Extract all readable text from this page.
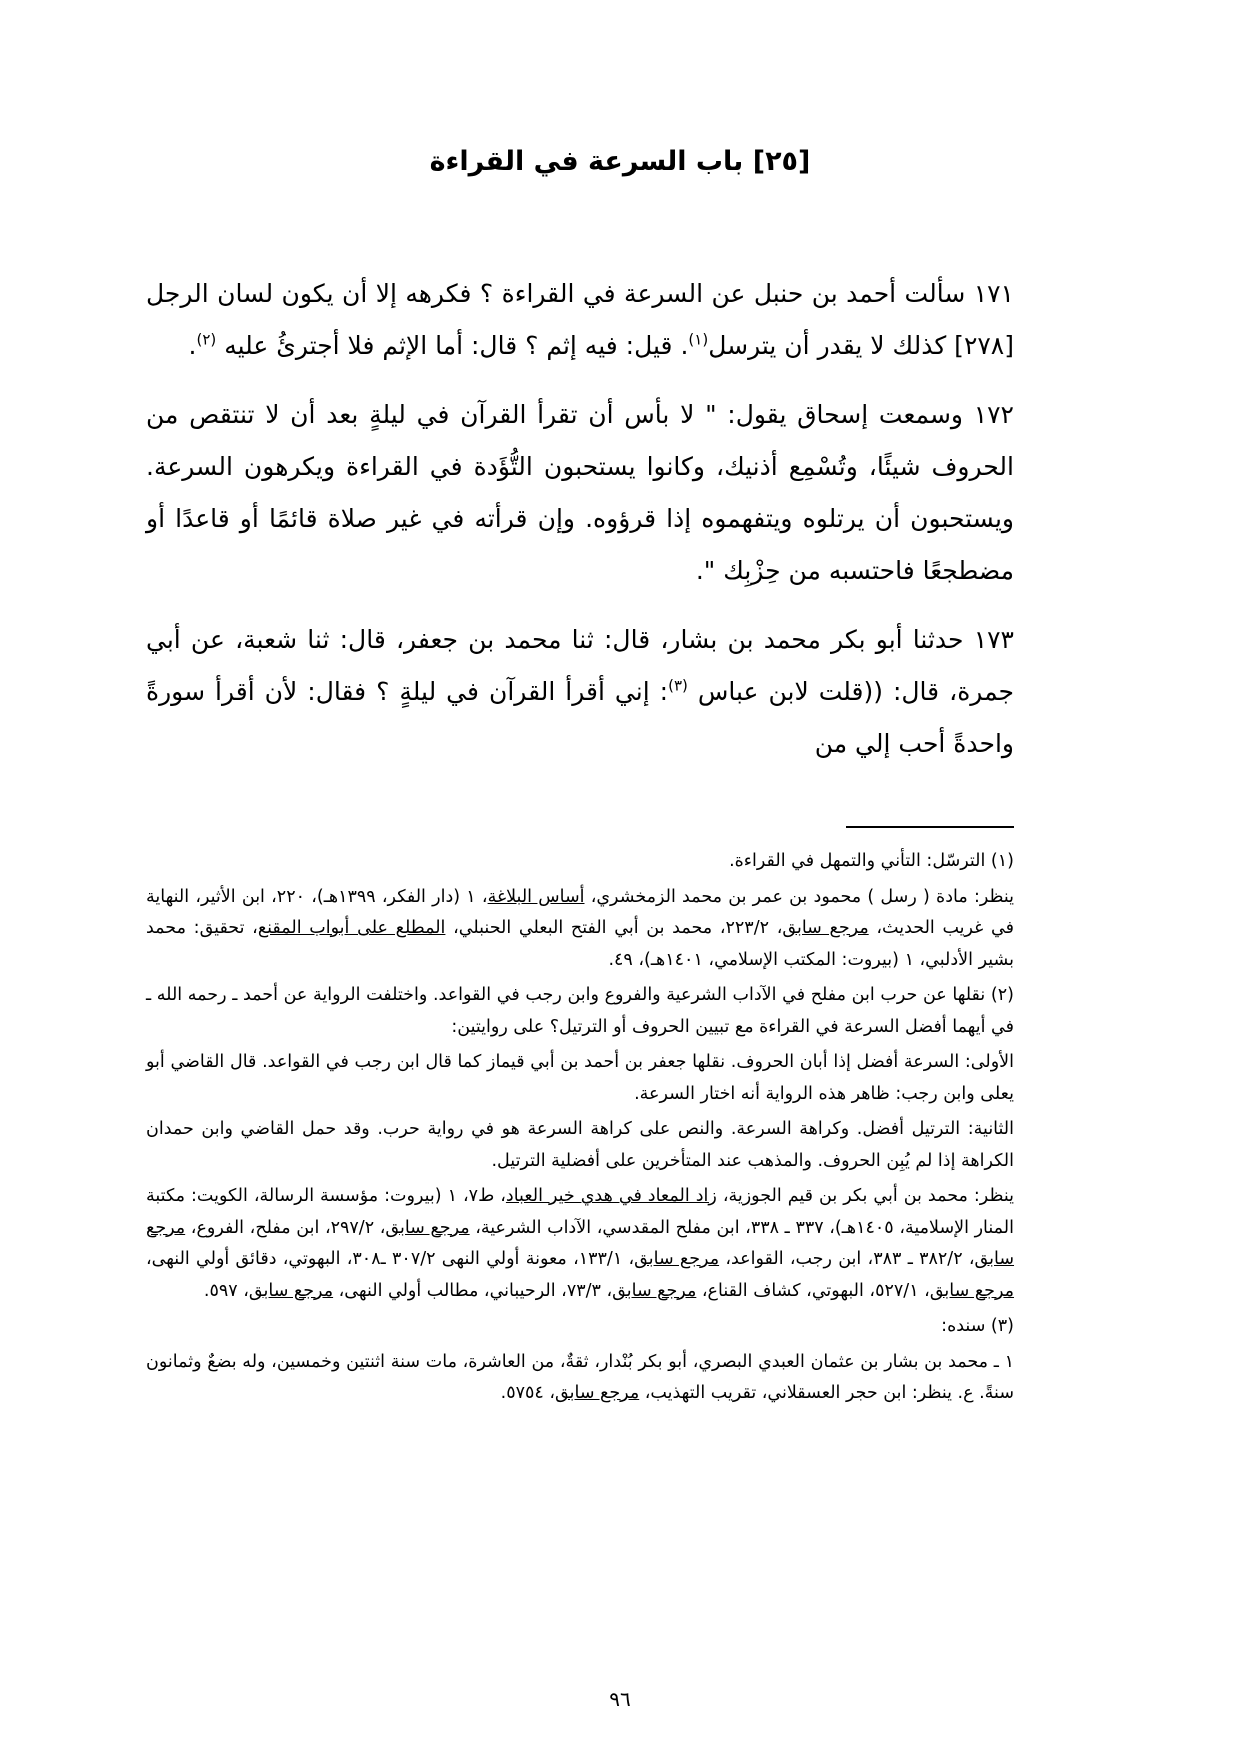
[٢٥] باب السرعة في القراءة

١٧١ سألت أحمد بن حنبل عن السرعة في القراءة ؟ فكرهه إلا أن يكون لسان الرجل [٢٧٨] كذلك لا يقدر أن يترسل$^{(١)}$. قيل: فيه إثم ؟ قال: أما الإثم فلا أجترئُ عليه $^{(٢)}$.

١٧٢ وسمعت إسحاق يقول: " لا بأس أن تقرأ القرآن في ليلةٍ بعد أن لا تنتقص من الحروف شيئًا، وتُسْمِع أذنيك، وكانوا يستحبون التُّؤَدة في القراءة ويكرهون السرعة. ويستحبون أن يرتلوه ويتفهموه إذا قرؤوه. وإن قرأته في غير صلاة قائمًا أو قاعدًا أو مضطجعًا فاحتسبه من حِزْبِك ".

١٧٣ حدثنا أبو بكر محمد بن بشار، قال: ثنا محمد بن جعفر، قال: ثنا شعبة، عن أبي جمرة، قال: ((قلت لابن عباس $^{(٣)}$: إني أقرأ القرآن في ليلةٍ ؟ فقال: لأن أقرأ سورةً واحدةً أحب إلي من

(١) الترسّل: التأني والتمهل في القراءة.
ينظر: مادة ( رسل ) محمود بن عمر بن محمد الزمخشري، أساس البلاغة، ١ (دار الفكر، ١٣٩٩هـ)، ٢٢٠، ابن الأثير، النهاية في غريب الحديث، مرجع سابق، ٢٢٣/٢، محمد بن أبي الفتح البعلي الحنبلي، المطلع على أبواب المقنع، تحقيق: محمد بشير الأدلبي، ١ (بيروت: المكتب الإسلامي، ١٤٠١هـ)، ٤٩.
(٢) نقلها عن حرب ابن مفلح في الآداب الشرعية والفروع وابن رجب في القواعد. واختلفت الرواية عن أحمد ـ رحمه الله ـ في أيهما أفضل السرعة في القراءة مع تبيين الحروف أو الترتيل؟ على روايتين:
الأولى: السرعة أفضل إذا أبان الحروف. نقلها جعفر بن أحمد بن أبي قيماز كما قال ابن رجب في القواعد. قال القاضي أبو يعلى وابن رجب: ظاهر هذه الرواية أنه اختار السرعة.
الثانية: الترتيل أفضل. وكراهة السرعة. والنص على كراهة السرعة هو في رواية حرب. وقد حمل القاضي وابن حمدان الكراهة إذا لم يُبِن الحروف. والمذهب عند المتأخرين على أفضلية الترتيل.
ينظر: محمد بن أبي بكر بن قيم الجوزية، زاد المعاد في هدي خير العباد، ط٧، ١ (بيروت: مؤسسة الرسالة، الكويت: مكتبة المنار الإسلامية، ١٤٠٥هـ)، ٣٣٧ ـ ٣٣٨، ابن مفلح المقدسي، الآداب الشرعية، مرجع سابق، ٢٩٧/٢، ابن مفلح، الفروع، مرجع سابق، ٣٨٢/٢ ـ ٣٨٣، ابن رجب، القواعد، مرجع سابق، ١٣٣/١، معونة أولي النهى ٣٠٧/٢ ـ٣٠٨، البهوتي، دقائق أولي النهى، مرجع سابق، ٥٢٧/١، البهوتي، كشاف القناع، مرجع سابق، ٧٣/٣، الرحيباني، مطالب أولي النهى، مرجع سابق، ٥٩٧.
(٣) سنده:
١ ـ محمد بن بشار بن عثمان العبدي البصري، أبو بكر بُنْدار، ثقةٌ، من العاشرة، مات سنة اثنتين وخمسين، وله بضعٌ وثمانون سنةً. ع. ينظر: ابن حجر العسقلاني، تقريب التهذيب، مرجع سابق، ٥٧٥٤.
٩٦
